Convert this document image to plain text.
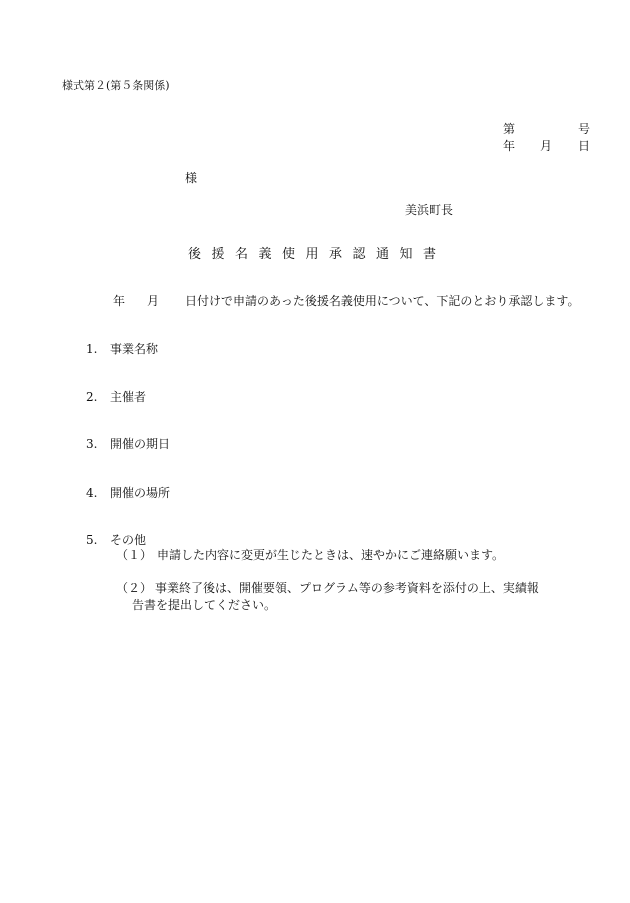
様式第２(第５条関係)
第	号
年 月 日
様
美浜町長
後援名義使用承認通知書
年 月 日付けで申請のあった後援名義使用について、下記のとおり承認します。
1. 事業名称
2. 主催者
3. 開催の期日
4. 開催の場所
5. その他
（１） 申請した内容に変更が生じたときは、速やかにご連絡願います。
（２） 事業終了後は、開催要領、プログラム等の参考資料を添付の上、実績報
告書を提出してください。
